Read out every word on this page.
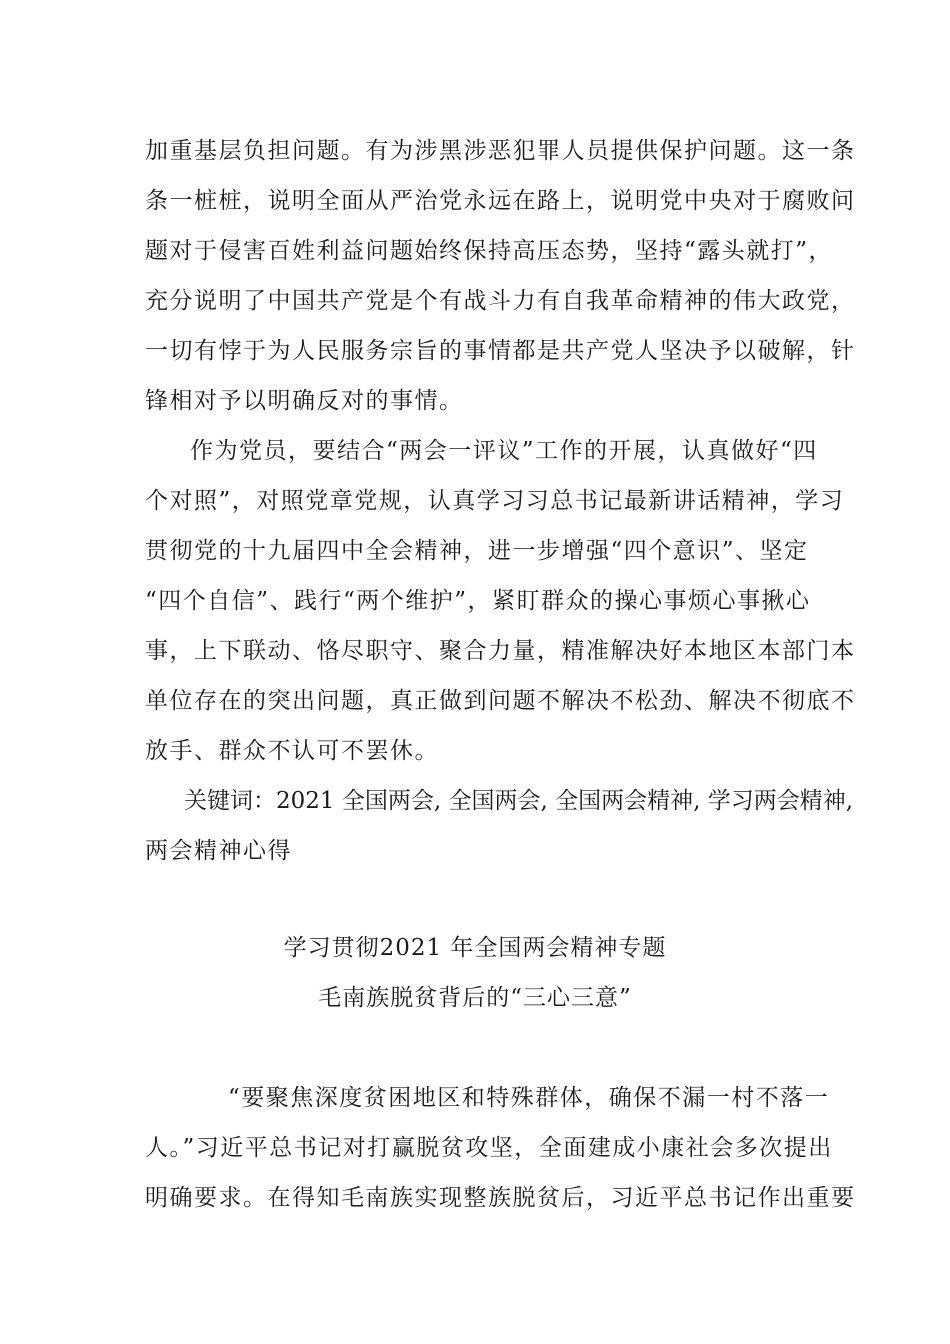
加重基层负担问题。有为涉黑涉恶犯罪人员提供保护问题。这一条
条一桩桩，说明全面从严治党永远在路上，说明党中央对于腐败问
题对于侵害百姓利益问题始终保持高压态势，坚持“露头就打”，
充分说明了中国共产党是个有战斗力有自我革命精神的伟大政党，
一切有悖于为人民服务宗旨的事情都是共产党人坚决予以破解，针
锋相对予以明确反对的事情。
作为党员，要结合“两会一评议”工作的开展，认真做好“四
个对照”，对照党章党规，认真学习习总书记最新讲话精神，学习
贯彻党的十九届四中全会精神，进一步增强“四个意识”、坚定
“四个自信”、践行“两个维护”，紧盯群众的操心事烦心事揪心
事，上下联动、恪尽职守、聚合力量，精准解决好本地区本部门本
单位存在的突出问题，真正做到问题不解决不松劲、解决不彻底不
放手、群众不认可不罢休。
关键词：2021 全国两会, 全国两会, 全国两会精神, 学习两会精神,
两会精神心得
学习贯彻2021 年全国两会精神专题
毛南族脱贫背后的“三心三意”
“要聚焦深度贫困地区和特殊群体，确保不漏一村不落一
人。”习近平总书记对打赢脱贫攻坚，全面建成小康社会多次提出
明确要求。在得知毛南族实现整族脱贫后，习近平总书记作出重要
